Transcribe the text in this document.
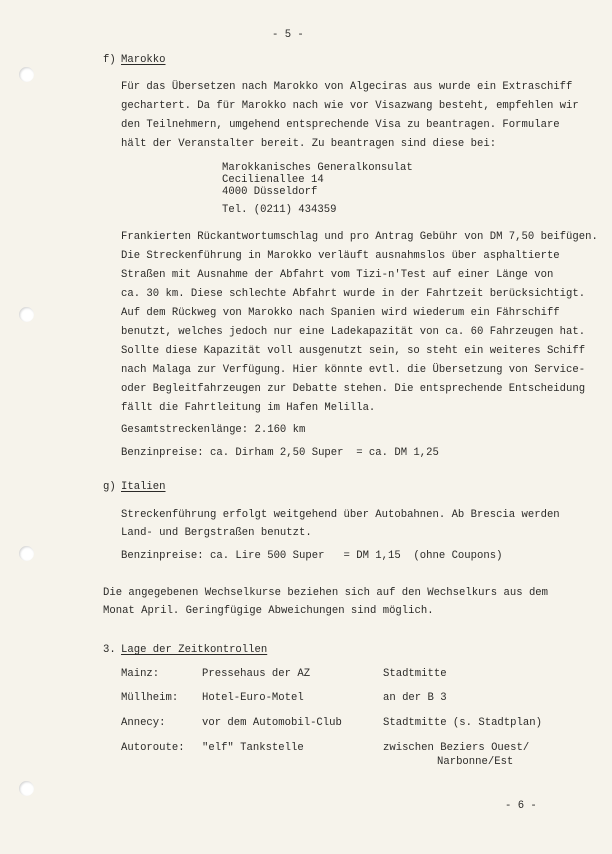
- 5 -
f) Marokko
Für das Übersetzen nach Marokko von Algeciras aus wurde ein Extraschiff
gechartert. Da für Marokko nach wie vor Visazwang besteht, empfehlen wir
den Teilnehmern, umgehend entsprechende Visa zu beantragen. Formulare
hält der Veranstalter bereit. Zu beantragen sind diese bei:
Marokkanisches Generalkonsulat
Cecilienallee 14
4000 Düsseldorf
Tel. (0211) 434359
Frankierten Rückantwortumschlag und pro Antrag Gebühr von DM 7,50 beifügen.
Die Streckenführung in Marokko verläuft ausnahmslos über asphaltierte
Straßen mit Ausnahme der Abfahrt vom Tizi-n'Test auf einer Länge von
ca. 30 km. Diese schlechte Abfahrt wurde in der Fahrtzeit berücksichtigt.
Auf dem Rückweg von Marokko nach Spanien wird wiederum ein Fährschiff
benutzt, welches jedoch nur eine Ladekapazität von ca. 60 Fahrzeugen hat.
Sollte diese Kapazität voll ausgenutzt sein, so steht ein weiteres Schiff
nach Malaga zur Verfügung. Hier könnte evtl. die Übersetzung von Service-
oder Begleitfahrzeugen zur Debatte stehen. Die entsprechende Entscheidung
fällt die Fahrtleitung im Hafen Melilla.
Gesamtstreckenlänge: 2.160 km
Benzinpreise: ca. Dirham 2,50 Super  = ca. DM 1,25
g) Italien
Streckenführung erfolgt weitgehend über Autobahnen. Ab Brescia werden
Land- und Bergstraßen benutzt.
Benzinpreise: ca. Lire 500 Super   = DM 1,15  (ohne Coupons)
Die angegebenen Wechselkurse beziehen sich auf den Wechselkurs aus dem
Monat April. Geringfügige Abweichungen sind möglich.
3. Lage der Zeitkontrollen
Mainz:	Pressehaus der AZ	Stadtmitte
Müllheim: Hotel-Euro-Motel	an der B 3
Annecy:	vor dem Automobil-Club	Stadtmitte (s. Stadtplan)
Autoroute: "elf" Tankstelle	zwischen Beziers Ouest/
Narbonne/Est
- 6 -
